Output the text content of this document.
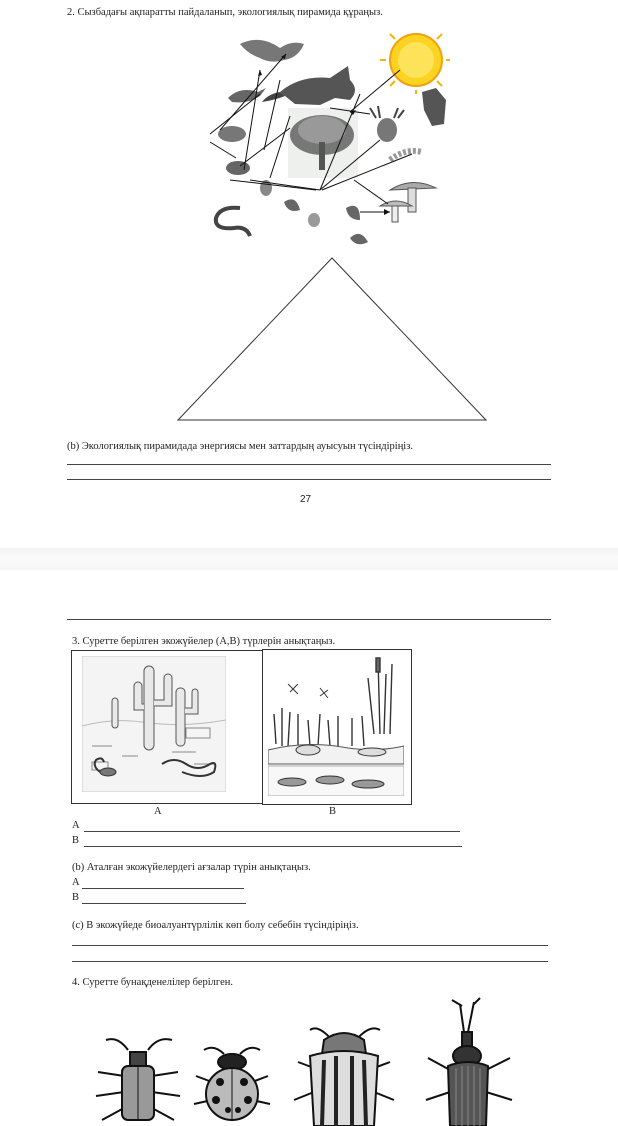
2. Сызбадағы ақпаратты пайдаланып, экологиялық пирамида құраңыз.
(b) Экологиялық пирамидада энергиясы мен заттардың ауысуын түсіндіріңіз.
27
3. Суретте берілген экожүйелер (А,В) түрлерін анықтаңыз.
А	В
А
В
(b) Аталған экожүйелердегі ағзалар түрін анықтаңыз.
А
В
(c) В экожүйеде биоалуантүрлілік көп болу себебін түсіндіріңіз.
4. Суретте бунақденелілер берілген.
